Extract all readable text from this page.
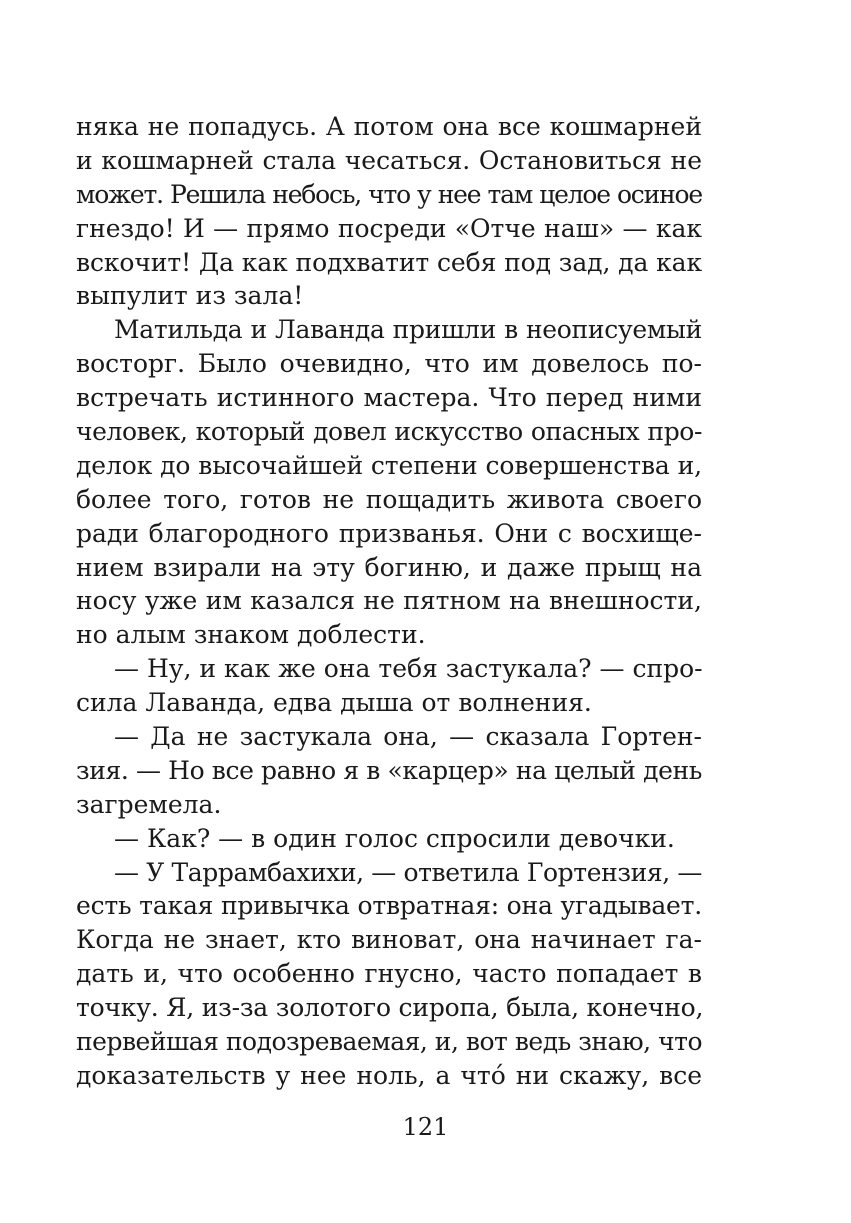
няка не попадусь. А потом она все кошмарней
и кошмарней стала чесаться. Остановиться не
может. Решила небось, что у нее там целое осиное
гнездо! И — прямо посреди «Отче наш» — как
вскочит! Да как подхватит себя под зад, да как
выпулит из зала!
Матильда и Лаванда пришли в неописуемый
восторг. Было очевидно, что им довелось по-
встречать истинного мастера. Что перед ними
человек, который довел искусство опасных про-
делок до высочайшей степени совершенства и,
более того, готов не пощадить живота своего
ради благородного призванья. Они с восхище-
нием взирали на эту богиню, и даже прыщ на
носу уже им казался не пятном на внешности,
но алым знаком доблести.
— Ну, и как же она тебя застукала? — спро-
сила Лаванда, едва дыша от волнения.
— Да не застукала она, — сказала Гортен-
зия. — Но все равно я в «карцер» на целый день
загремела.
— Как? — в один голос спросили девочки.
— У Таррамбахихи, — ответила Гортензия, —
есть такая привычка отвратная: она угадывает.
Когда не знает, кто виноват, она начинает га-
дать и, что особенно гнусно, часто попадает в
точку. Я, из-за золотого сиропа, была, конечно,
первейшая подозреваемая, и, вот ведь знаю, что
доказательств у нее ноль, а что́ ни скажу, все
121
